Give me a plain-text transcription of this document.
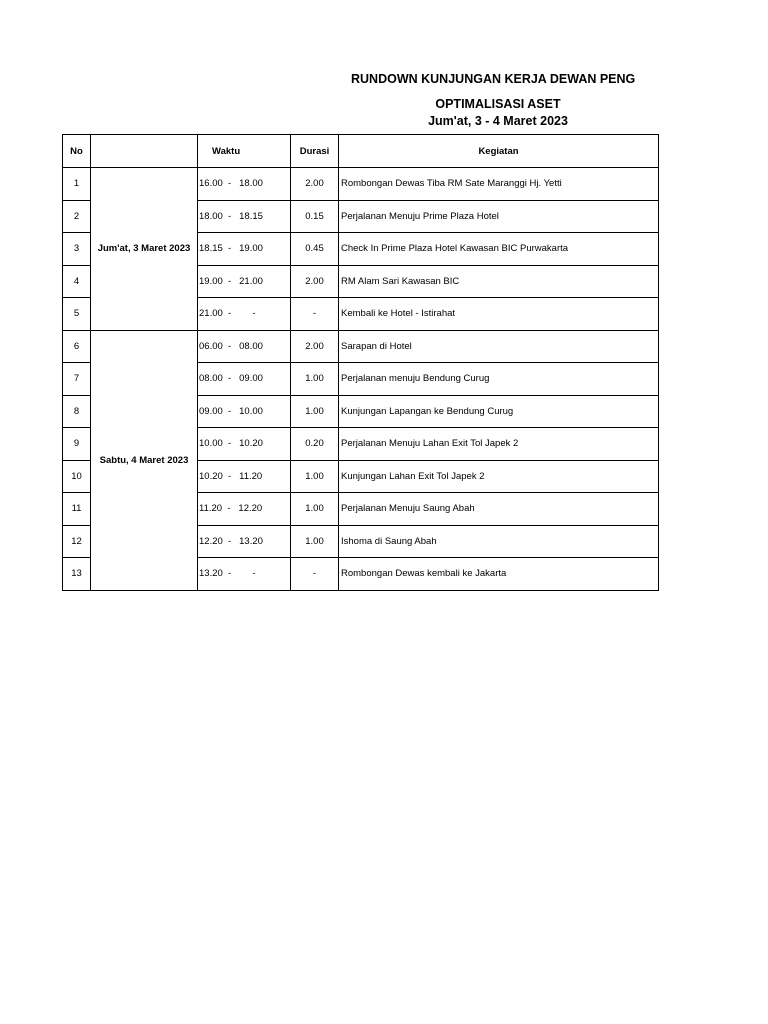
RUNDOWN KUNJUNGAN KERJA DEWAN PENG
OPTIMALISASI ASET
Jum'at, 3 - 4 Maret 2023
No		Waktu	Durasi	Kegiatan
1	Jum'at, 3 Maret 2023	16.00  -   18.00	2.00	Rombongan Dewas Tiba RM Sate Maranggi Hj. Yetti
2		18.00  -   18.15	0.15	Perjalanan Menuju Prime Plaza Hotel
3		18.15  -   19.00	0.45	Check In Prime Plaza Hotel Kawasan BIC Purwakarta
4		19.00  -   21.00	2.00	RM Alam Sari Kawasan BIC
5		21.00  -        -	-	Kembali ke Hotel - Istirahat
6	Sabtu, 4 Maret 2023	06.00  -   08.00	2.00	Sarapan di Hotel
7		08.00  -   09.00	1.00	Perjalanan menuju Bendung Curug
8		09.00  -   10.00	1.00	Kunjungan Lapangan ke Bendung Curug
9		10.00  -   10.20	0.20	Perjalanan Menuju Lahan Exit Tol Japek 2
10		10.20  -   11.20	1.00	Kunjungan Lahan Exit Tol Japek 2
11		11.20  -   12.20	1.00	Perjalanan Menuju Saung Abah
12		12.20  -   13.20	1.00	Ishoma di Saung Abah
13		13.20  -        -	-	Rombongan Dewas kembali ke Jakarta
